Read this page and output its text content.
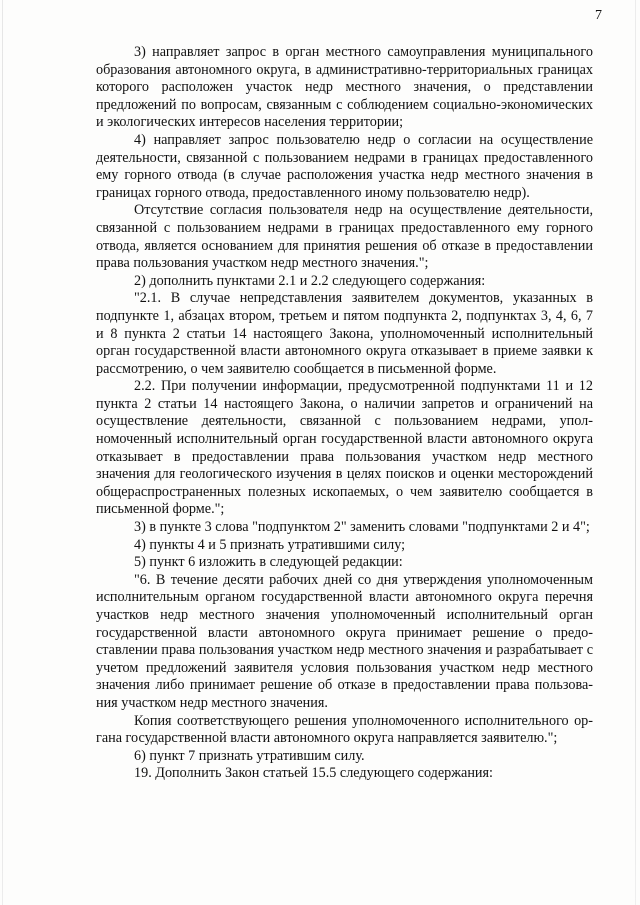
7

3) направляет запрос в орган местного самоуправления муниципального образования автономного округа, в административно-территориальных границах которого расположен участок недр местного значения, о представлении предложений по вопросам, связанным с соблюдением социально-экономических и экологических интересов населения территории;

4) направляет запрос пользователю недр о согласии на осуществление деятельности, связанной с пользованием недрами в границах предоставленного ему горного отвода (в случае расположения участка недр местного значения в границах горного отвода, предоставленного иному пользователю недр).

Отсутствие согласия пользователя недр на осуществление деятельности, связанной с пользованием недрами в границах предоставленного ему горного отвода, является основанием для принятия решения об отказе в предоставлении права пользования участком недр местного значения.";

2) дополнить пунктами 2.1 и 2.2 следующего содержания:

"2.1. В случае непредставления заявителем документов, указанных в подпункте 1, абзацах втором, третьем и пятом подпункта 2, подпунктах 3, 4, 6, 7 и 8 пункта 2 статьи 14 настоящего Закона, уполномоченный исполнительный орган государственной власти автономного округа отказывает в приеме заявки к рассмотрению, о чем заявителю сообщается в письменной форме.

2.2. При получении информации, предусмотренной подпунктами 11 и 12 пункта 2 статьи 14 настоящего Закона, о наличии запретов и ограничений на осуществление деятельности, связанной с пользованием недрами, уполномоченный исполнительный орган государственной власти автономного округа отказывает в предоставлении права пользования участком недр местного значения для геологического изучения в целях поисков и оценки месторождений общераспространенных полезных ископаемых, о чем заявителю сообщается в письменной форме.";

3) в пункте 3 слова "подпунктом 2" заменить словами "подпунктами 2 и 4";

4) пункты 4 и 5 признать утратившими силу;

5) пункт 6 изложить в следующей редакции:

"6. В течение десяти рабочих дней со дня утверждения уполномоченным исполнительным органом государственной власти автономного округа перечня участков недр местного значения уполномоченный исполнительный орган государственной власти автономного округа принимает решение о предоставлении права пользования участком недр местного значения и разрабатывает с учетом предложений заявителя условия пользования участком недр местного значения либо принимает решение об отказе в предоставлении права пользования участком недр местного значения.

Копия соответствующего решения уполномоченного исполнительного органа государственной власти автономного округа направляется заявителю.";

6) пункт 7 признать утратившим силу.

19. Дополнить Закон статьей 15.5 следующего содержания:
